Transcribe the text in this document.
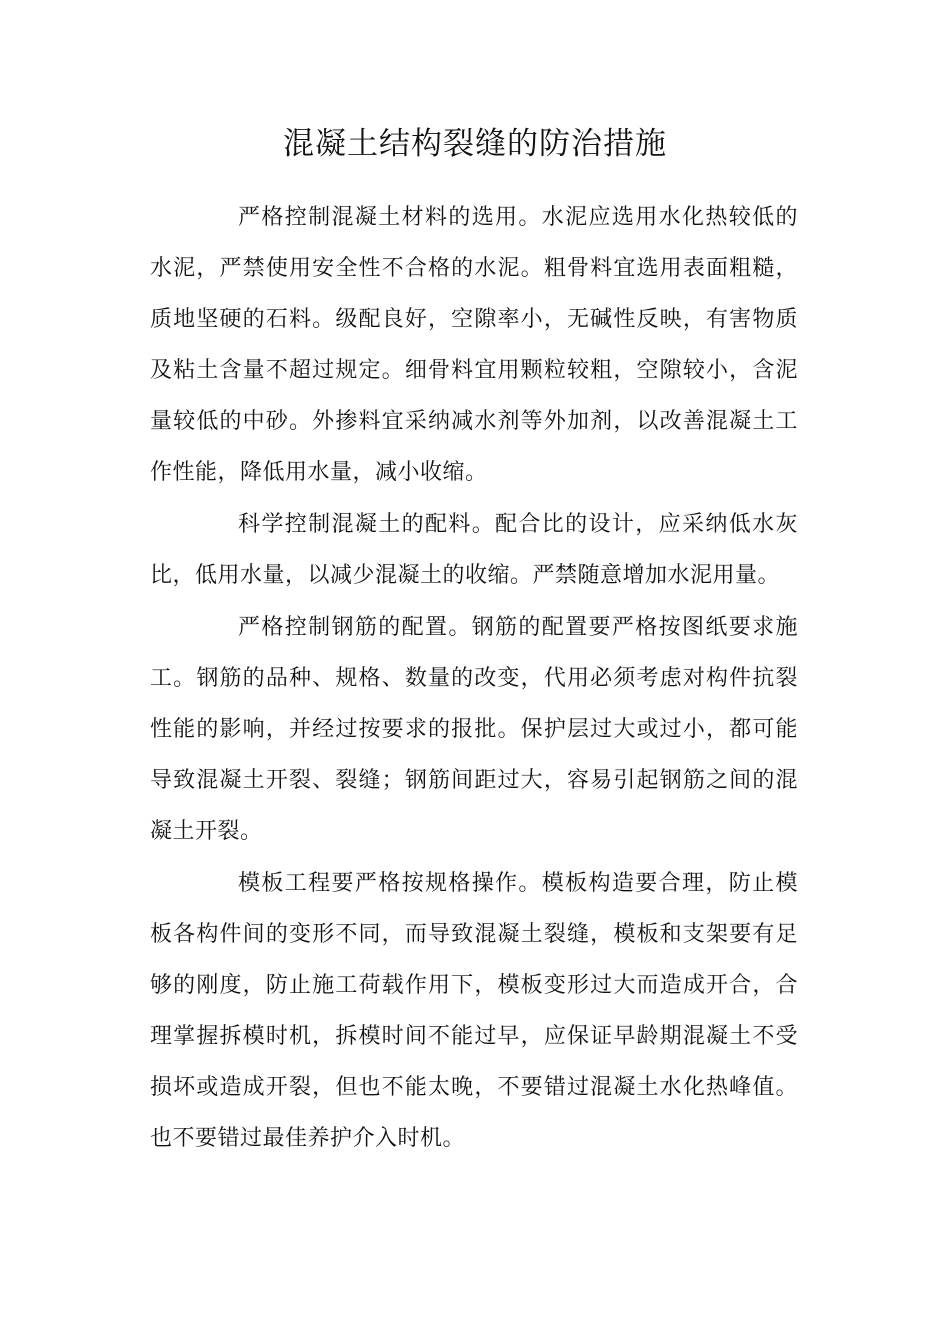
混凝土结构裂缝的防治措施

严格控制混凝土材料的选用。水泥应选用水化热较低的水泥，严禁使用安全性不合格的水泥。粗骨料宜选用表面粗糙，质地坚硬的石料。级配良好，空隙率小，无碱性反映，有害物质及粘土含量不超过规定。细骨料宜用颗粒较粗，空隙较小，含泥量较低的中砂。外掺料宜采纳减水剂等外加剂，以改善混凝土工作性能，降低用水量，减小收缩。

科学控制混凝土的配料。配合比的设计，应采纳低水灰比，低用水量，以减少混凝土的收缩。严禁随意增加水泥用量。

严格控制钢筋的配置。钢筋的配置要严格按图纸要求施工。钢筋的品种、规格、数量的改变，代用必须考虑对构件抗裂性能的影响，并经过按要求的报批。保护层过大或过小，都可能导致混凝土开裂、裂缝；钢筋间距过大，容易引起钢筋之间的混凝土开裂。

模板工程要严格按规格操作。模板构造要合理，防止模板各构件间的变形不同，而导致混凝土裂缝，模板和支架要有足够的刚度，防止施工荷载作用下，模板变形过大而造成开合，合理掌握拆模时机，拆模时间不能过早，应保证早龄期混凝土不受损坏或造成开裂，但也不能太晚，不要错过混凝土水化热峰值。也不要错过最佳养护介入时机。
